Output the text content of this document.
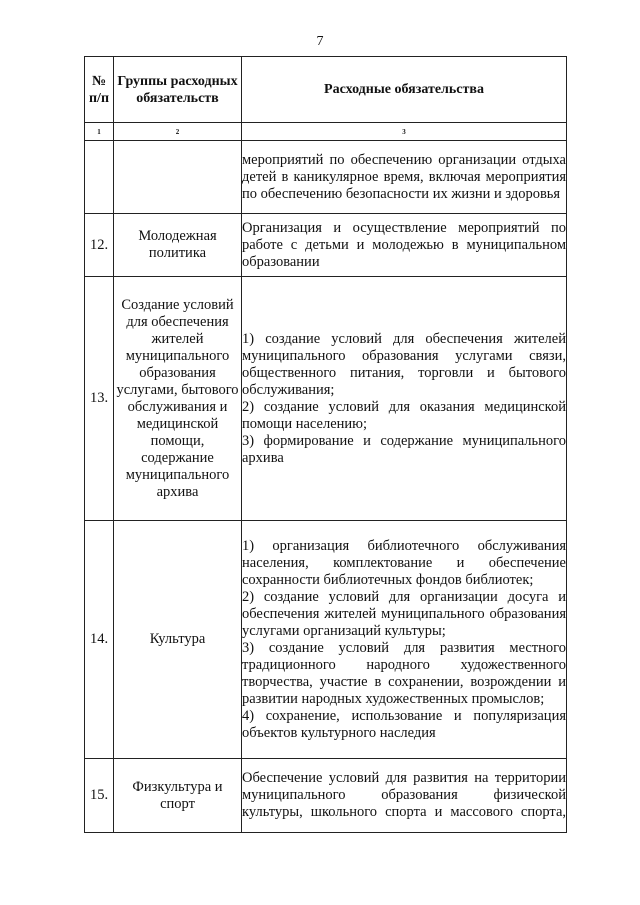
7
№ п/п	Группы расходных обязательств	Расходные обязательства
1	2	3

		мероприятий по обеспечению организации отдыха детей в каникулярное время, включая мероприятия по обеспечению безопасности их жизни и здоровья

12.	Молодежная политика	Организация и осуществление мероприятий по работе с детьми и молодежью в муниципальном образовании

13.	Создание условий для обеспечения жителей муниципального образования услугами, бытового обслуживания и медицинской помощи, содержание муниципального архива	1) создание условий для обеспечения жителей муниципального образования услугами связи, общественного питания, торговли и бытового обслуживания;

2) создание условий для оказания медицинской помощи населению;

3) формирование и содержание муниципального архива

14.	Культура	1) организация библиотечного обслуживания населения, комплектование и обеспечение сохранности библиотечных фондов библиотек;

2) создание условий для организации досуга и обеспечения жителей муниципального образования услугами организаций культуры;

3) создание условий для развития местного традиционного народного художественного творчества, участие в сохранении, возрождении и развитии народных художественных промыслов;

4) сохранение, использование и популяризация объектов культурного наследия

15.	Физкультура и спорт	Обеспечение условий для развития на территории муниципального образования физической культуры, школьного спорта и массового спорта,
